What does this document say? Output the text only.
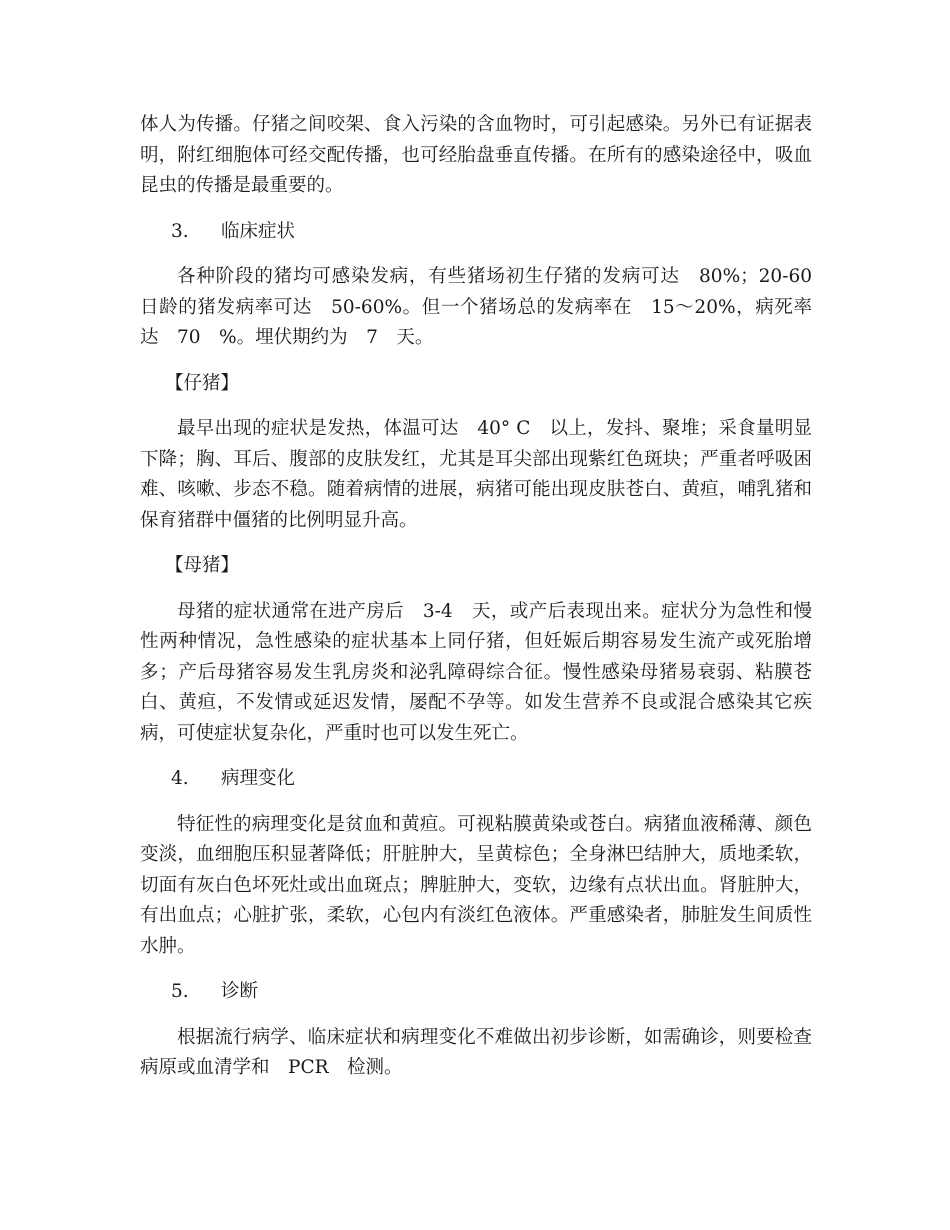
体人为传播。仔猪之间咬架、食入污染的含血物时，可引起感染。另外已有证据表明，附红细胞体可经交配传播，也可经胎盘垂直传播。在所有的感染途径中，吸血昆虫的传播是最重要的。

3. 临床症状

各种阶段的猪均可感染发病，有些猪场初生仔猪的发病可达　80%；20-60　日龄的猪发病率可达　50-60%。但一个猪场总的发病率在　15～20%，病死率达　70　%。埋伏期约为　7　天。

【仔猪】

最早出现的症状是发热，体温可达　40° C　以上，发抖、聚堆；采食量明显下降；胸、耳后、腹部的皮肤发红，尤其是耳尖部出现紫红色斑块；严重者呼吸困难、咳嗽、步态不稳。随着病情的进展，病猪可能出现皮肤苍白、黄疸，哺乳猪和保育猪群中僵猪的比例明显升高。

【母猪】

母猪的症状通常在进产房后　3-4　天，或产后表现出来。症状分为急性和慢性两种情况，急性感染的症状基本上同仔猪，但妊娠后期容易发生流产或死胎增多；产后母猪容易发生乳房炎和泌乳障碍综合征。慢性感染母猪易衰弱、粘膜苍白、黄疸，不发情或延迟发情，屡配不孕等。如发生营养不良或混合感染其它疾病，可使症状复杂化，严重时也可以发生死亡。

4. 病理变化

特征性的病理变化是贫血和黄疸。可视粘膜黄染或苍白。病猪血液稀薄、颜色变淡，血细胞压积显著降低；肝脏肿大，呈黄棕色；全身淋巴结肿大，质地柔软，切面有灰白色坏死灶或出血斑点；脾脏肿大，变软，边缘有点状出血。肾脏肿大，有出血点；心脏扩张，柔软，心包内有淡红色液体。严重感染者，肺脏发生间质性水肿。

5. 诊断

根据流行病学、临床症状和病理变化不难做出初步诊断，如需确诊，则要检查病原或血清学和　PCR　检测。
